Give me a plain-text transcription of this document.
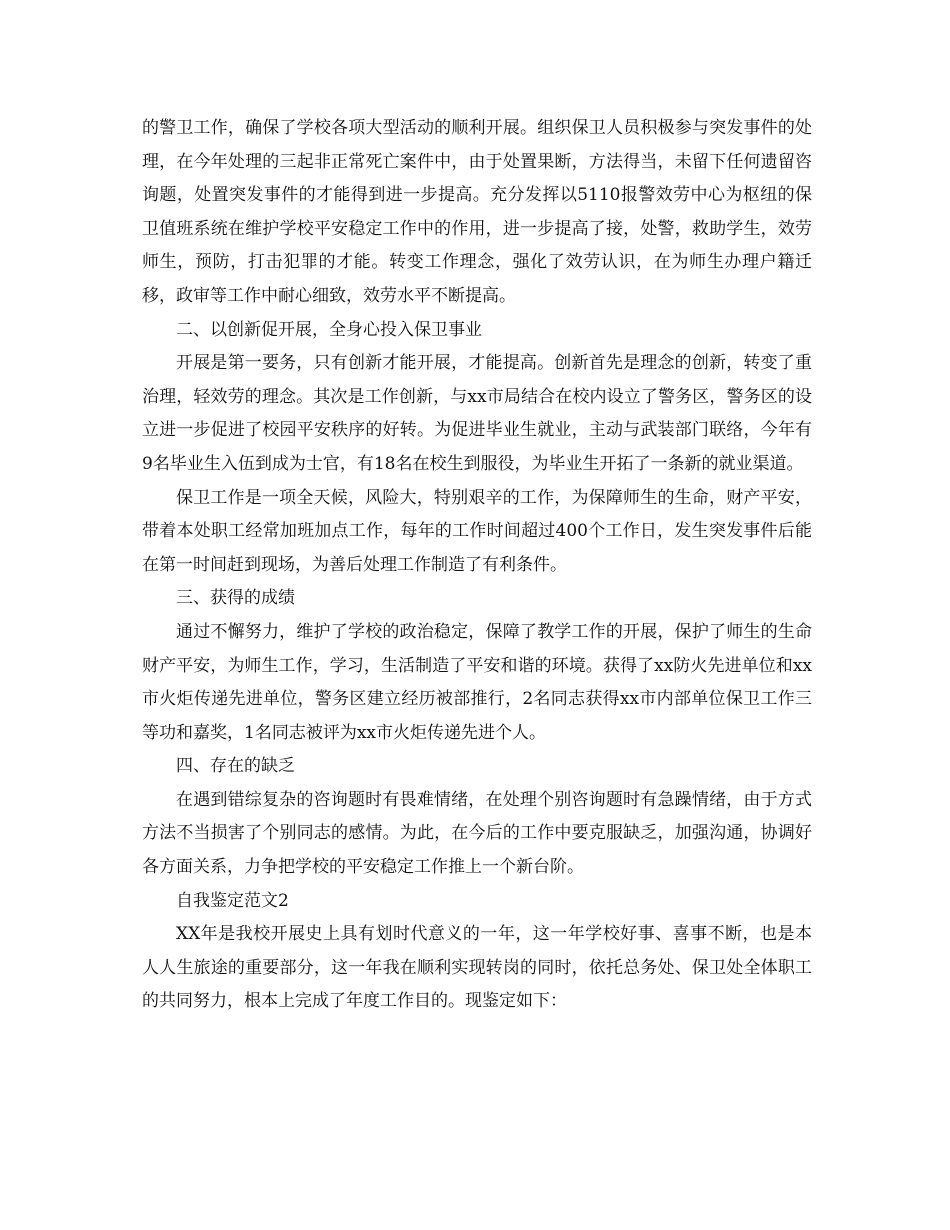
的警卫工作，确保了学校各项大型活动的顺利开展。组织保卫人员积极参与突发事件的处理，在今年处理的三起非正常死亡案件中，由于处置果断，方法得当，未留下任何遗留咨询题，处置突发事件的才能得到进一步提高。充分发挥以5110报警效劳中心为枢纽的保卫值班系统在维护学校平安稳定工作中的作用，进一步提高了接，处警，救助学生，效劳师生，预防，打击犯罪的才能。转变工作理念，强化了效劳认识，在为师生办理户籍迁移，政审等工作中耐心细致，效劳水平不断提高。

二、以创新促开展，全身心投入保卫事业

开展是第一要务，只有创新才能开展，才能提高。创新首先是理念的创新，转变了重治理，轻效劳的理念。其次是工作创新，与xx市局结合在校内设立了警务区，警务区的设立进一步促进了校园平安秩序的好转。为促进毕业生就业，主动与武装部门联络，今年有9名毕业生入伍到成为士官，有18名在校生到服役，为毕业生开拓了一条新的就业渠道。

保卫工作是一项全天候，风险大，特别艰辛的工作，为保障师生的生命，财产平安，带着本处职工经常加班加点工作，每年的工作时间超过400个工作日，发生突发事件后能在第一时间赶到现场，为善后处理工作制造了有利条件。

三、获得的成绩

通过不懈努力，维护了学校的政治稳定，保障了教学工作的开展，保护了师生的生命财产平安，为师生工作，学习，生活制造了平安和谐的环境。获得了xx防火先进单位和xx市火炬传递先进单位，警务区建立经历被部推行，2名同志获得xx市内部单位保卫工作三等功和嘉奖，1名同志被评为xx市火炬传递先进个人。

四、存在的缺乏

在遇到错综复杂的咨询题时有畏难情绪，在处理个别咨询题时有急躁情绪，由于方式方法不当损害了个别同志的感情。为此，在今后的工作中要克服缺乏，加强沟通，协调好各方面关系，力争把学校的平安稳定工作推上一个新台阶。

自我鉴定范文2

XX年是我校开展史上具有划时代意义的一年，这一年学校好事、喜事不断，也是本人人生旅途的重要部分，这一年我在顺利实现转岗的同时，依托总务处、保卫处全体职工的共同努力，根本上完成了年度工作目的。现鉴定如下：
